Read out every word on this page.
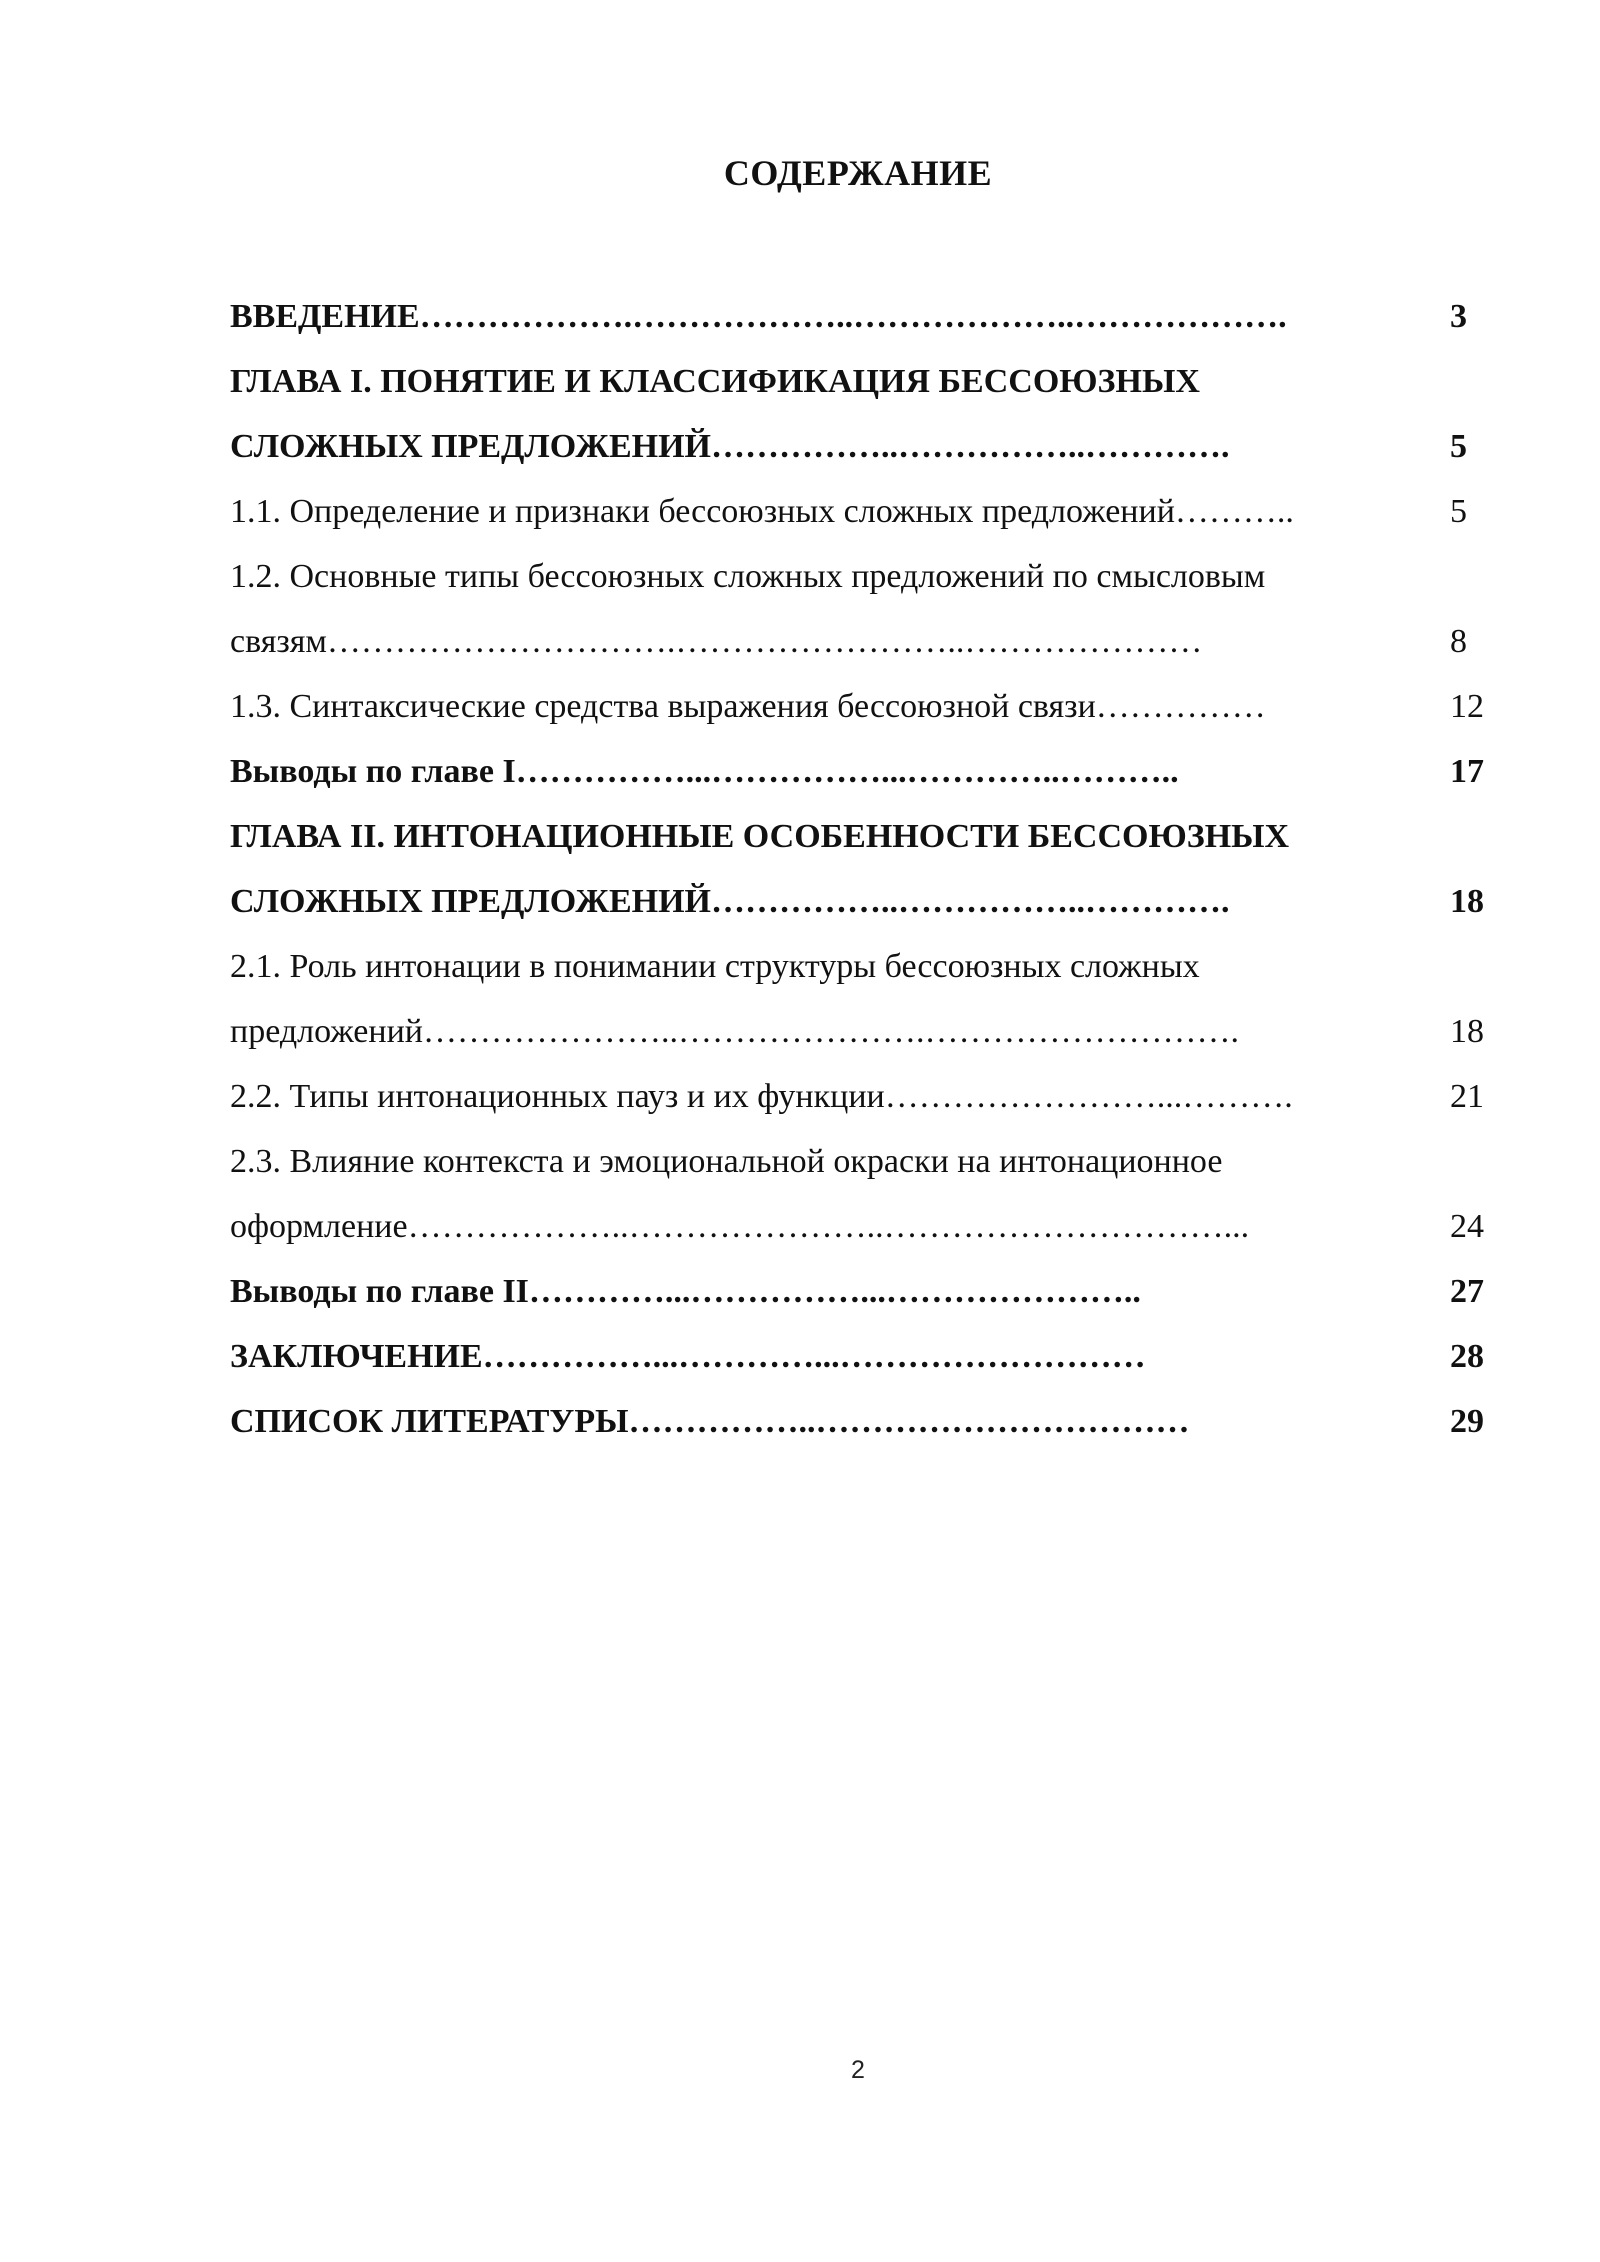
СОДЕРЖАНИЕ
ВВЕДЕНИЕ……………….………………..………………..……………….	3
ГЛАВА I. ПОНЯТИЕ И КЛАССИФИКАЦИЯ БЕССОЮЗНЫХ
СЛОЖНЫХ ПРЕДЛОЖЕНИЙ……………..……………..………….	5
1.1. Определение и признаки бессоюзных сложных предложений………..	5
1.2. Основные типы бессоюзных сложных предложений по смысловым
связям………………………….……………………..…………………	8
1.3. Синтаксические средства выражения бессоюзной связи……………	12
Выводы по главе I……………...……………...…………..………..	17
ГЛАВА II. ИНТОНАЦИОННЫЕ ОСОБЕННОСТИ БЕССОЮЗНЫХ
СЛОЖНЫХ ПРЕДЛОЖЕНИЙ……………..……………..………….	18
2.1. Роль интонации в понимании структуры бессоюзных сложных
предложений…………………..………………….……………………….	18
2.2. Типы интонационных пауз и их функции……………………...……….	21
2.3. Влияние контекста и эмоциональной окраски на интонационное
оформление………………..…………………..…………………………...	24
Выводы по главе II…………...……………...…………………..	27
ЗАКЛЮЧЕНИЕ……………...…………...………………………	28
СПИСОК ЛИТЕРАТУРЫ……………..……………………………	29
2
